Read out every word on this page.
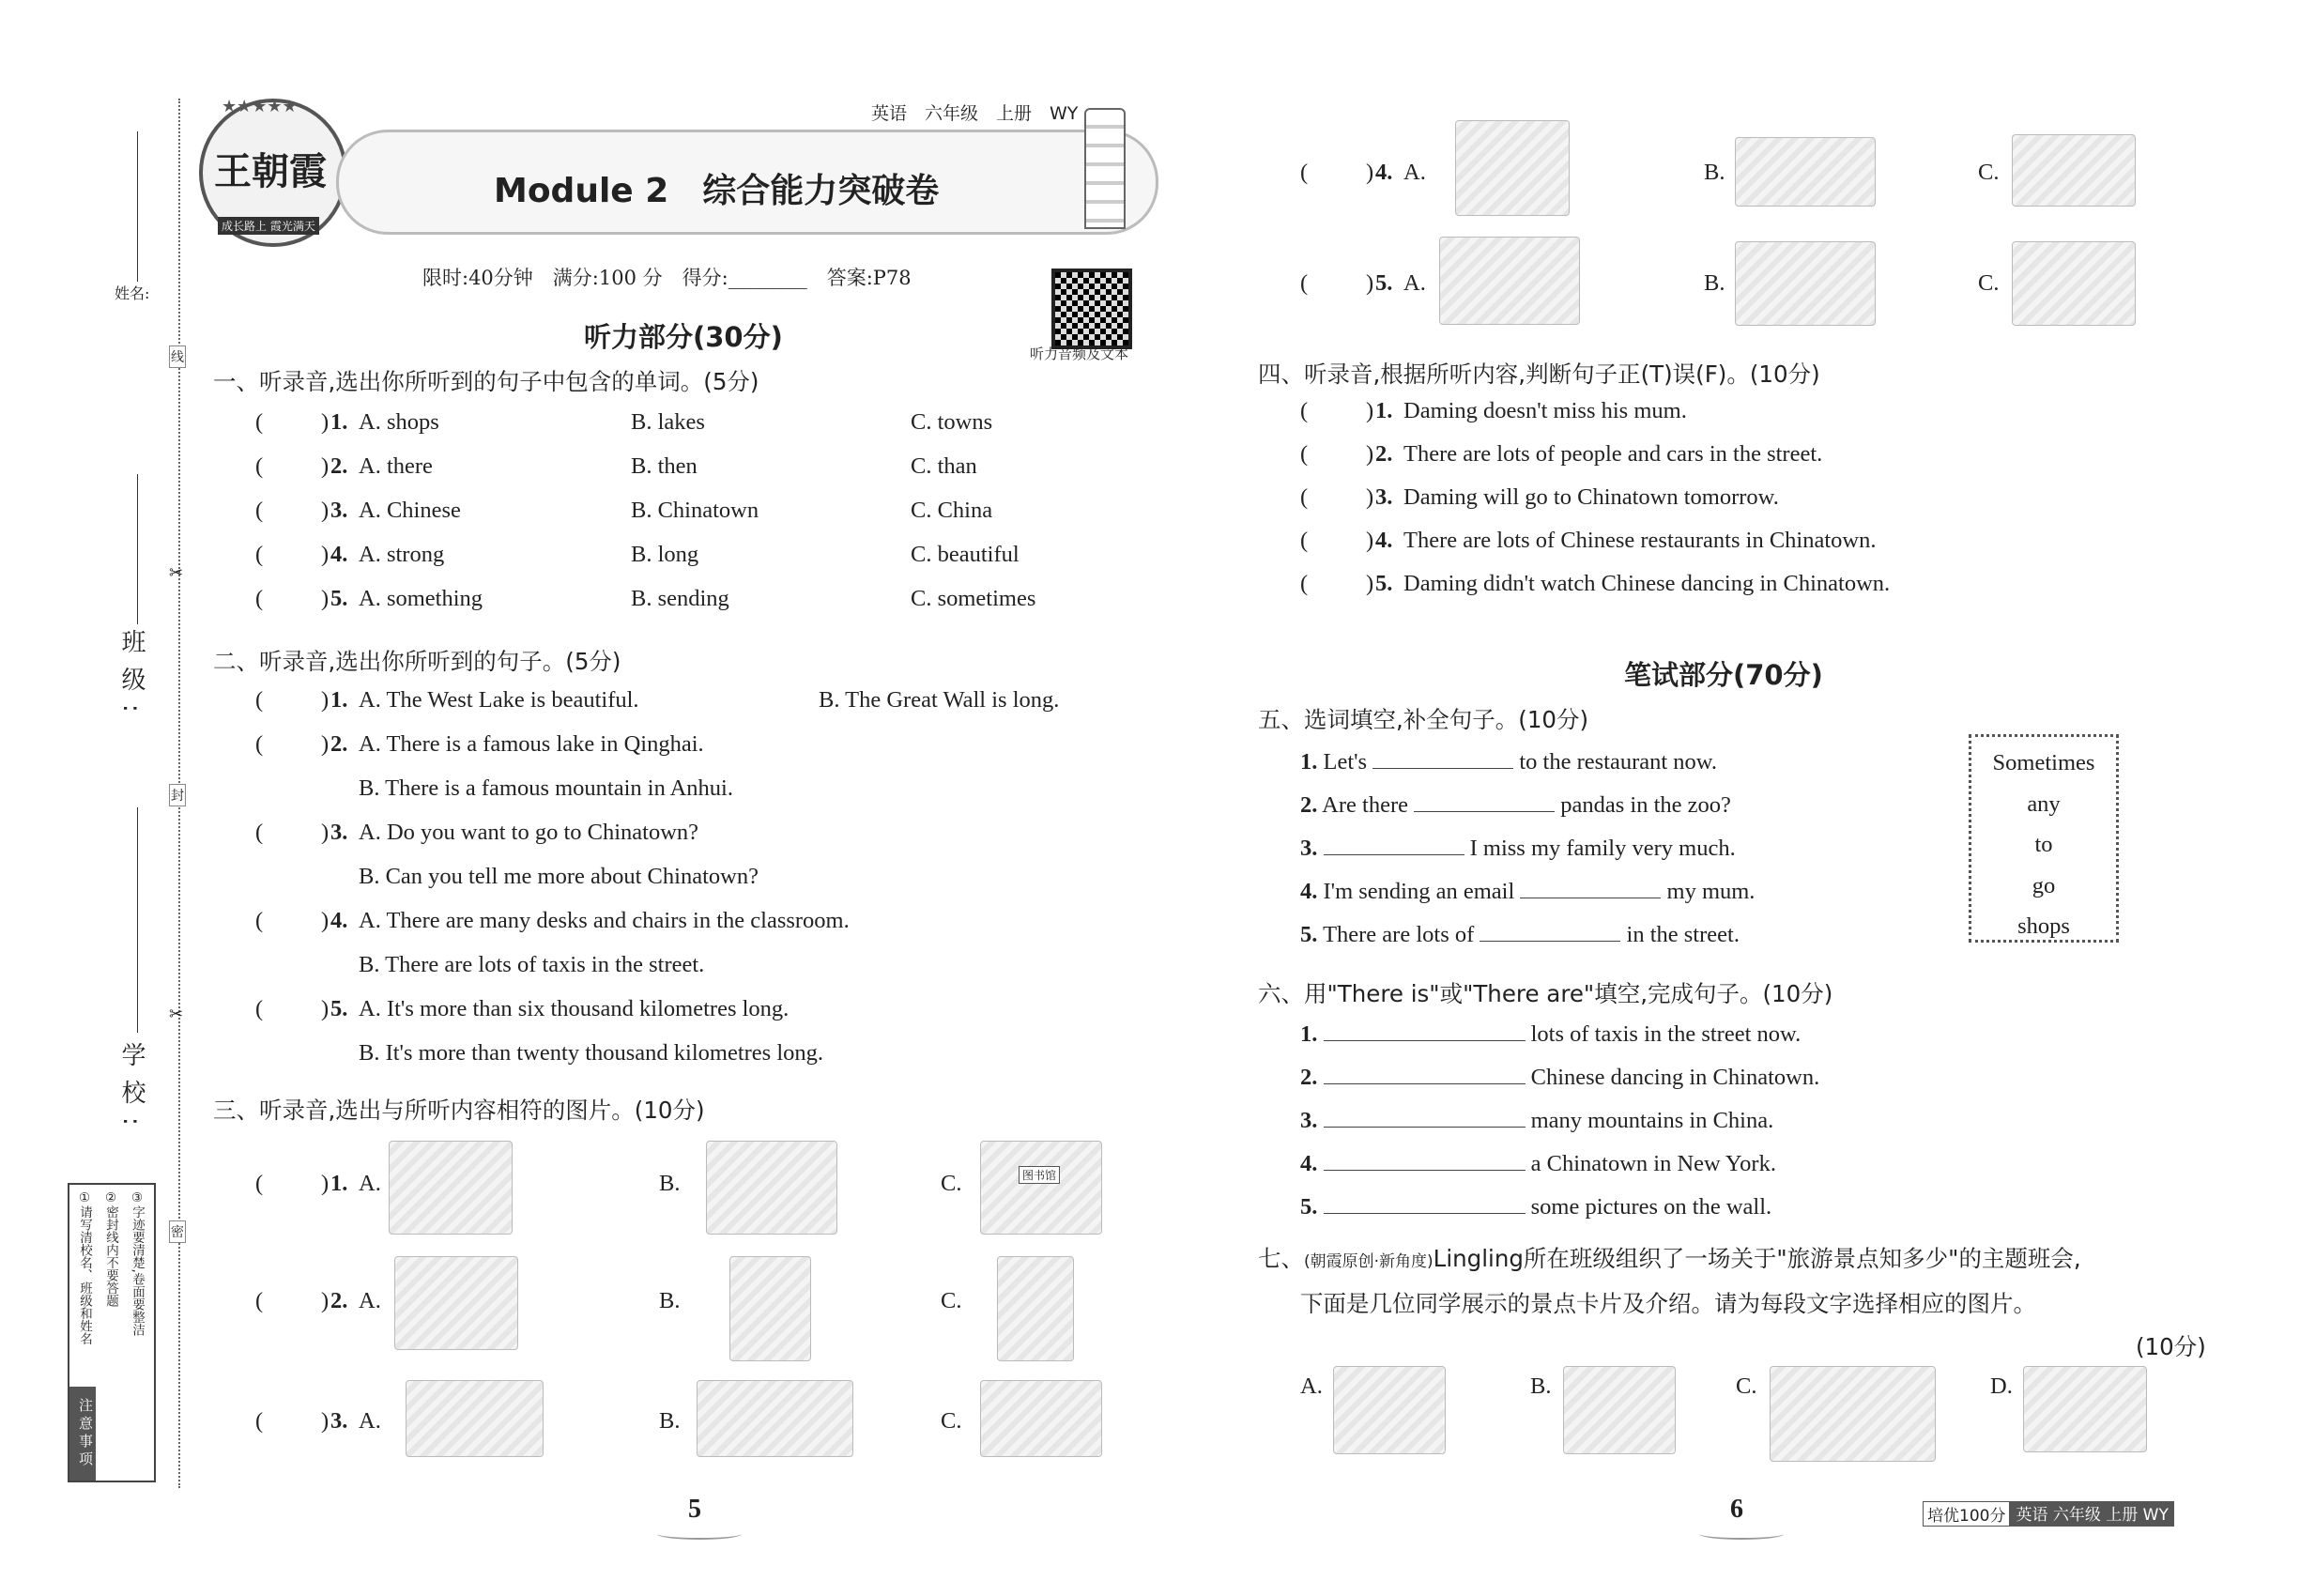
姓名:
班级:
学校:
线
✂
封
✂
密
注意事项
①请写清校名、班级和姓名 ②密封线内不要答题 ③字迹要清楚,卷面要整洁
★★★★★
王朝霞
成长路上 霞光满天
英语　六年级　上册　WY
Module 2　综合能力突破卷
限时:40分钟　满分:100 分　得分:________　答案:P78
听力音频及文本
听力部分(30分)
一、听录音,选出你所听到的句子中包含的单词。(5分)
(	) 1. A. shops	B. lakes	C. towns
(	) 2. A. there	B. then	C. than
(	) 3. A. Chinese	B. Chinatown	C. China
(	) 4. A. strong	B. long	C. beautiful
(	) 5. A. something	B. sending	C. sometimes
二、听录音,选出你所听到的句子。(5分)
(	) 1. A. The West Lake is beautiful.	B. The Great Wall is long.
(	) 2. A. There is a famous lake in Qinghai.
B. There is a famous mountain in Anhui.
(	) 3. A. Do you want to go to Chinatown?
B. Can you tell me more about Chinatown?
(	) 4. A. There are many desks and chairs in the classroom.
B. There are lots of taxis in the street.
(	) 5. A. It's more than six thousand kilometres long.
B. It's more than twenty thousand kilometres long.
三、听录音,选出与所听内容相符的图片。(10分)
(	) 1. A.	B.	C.	图书馆
(	) 2. A.	B.	C.
(	) 3. A.	B.	C.
(	) 4. A.	B.	C.
(	) 5. A.	B.	C.
四、听录音,根据所听内容,判断句子正(T)误(F)。(10分)
(	) 1. Daming doesn't miss his mum.
(	) 2. There are lots of people and cars in the street.
(	) 3. Daming will go to Chinatown tomorrow.
(	) 4. There are lots of Chinese restaurants in Chinatown.
(	) 5. Daming didn't watch Chinese dancing in Chinatown.
笔试部分(70分)
五、选词填空,补全句子。(10分)
1. Let's	to the restaurant now.
2. Are there	pandas in the zoo?
3.	I miss my family very much.
4. I'm sending an email	my mum.
5. There are lots of	in the street.
Sometimes
any
to
go
shops
六、用"There is"或"There are"填空,完成句子。(10分)
1.	lots of taxis in the street now.
2.	Chinese dancing in Chinatown.
3.	many mountains in China.
4.	a Chinatown in New York.
5.	some pictures on the wall.
七、(朝霞原创·新角度)Lingling所在班级组织了一场关于"旅游景点知多少"的主题班会,
下面是几位同学展示的景点卡片及介绍。请为每段文字选择相应的图片。
(10分)
A.	B.	C.	D.
5	6	培优100分 英语 六年级 上册 WY
